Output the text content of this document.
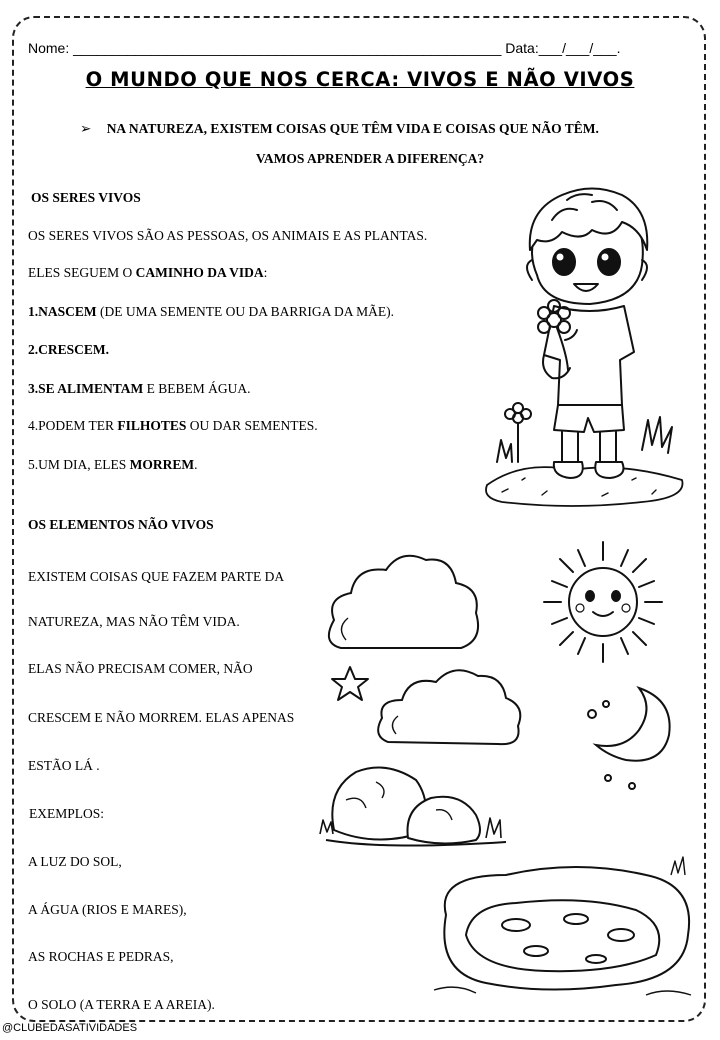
Nome: _______________________________________________________ Data:___/___/___.
O MUNDO QUE NOS CERCA: VIVOS E NÃO VIVOS
➢ NA NATUREZA, EXISTEM COISAS QUE TÊM VIDA E COISAS QUE NÃO TÊM.
VAMOS APRENDER A DIFERENÇA?
OS SERES VIVOS
OS SERES VIVOS SÃO AS PESSOAS, OS ANIMAIS E AS PLANTAS.
ELES SEGUEM O CAMINHO DA VIDA:
1.NASCEM (DE UMA SEMENTE OU DA BARRIGA DA MÃE).
2.CRESCEM.
3.SE ALIMENTAM E BEBEM ÁGUA.
4.PODEM TER FILHOTES OU DAR SEMENTES.
5.UM DIA, ELES MORREM.
OS ELEMENTOS NÃO VIVOS
EXISTEM COISAS QUE FAZEM PARTE DA
NATUREZA, MAS NÃO TÊM VIDA.
ELAS NÃO PRECISAM COMER, NÃO
CRESCEM E NÃO MORREM. ELAS APENAS
ESTÃO LÁ .
EXEMPLOS:
A LUZ DO SOL,
A ÁGUA (RIOS E MARES),
AS ROCHAS E PEDRAS,
O SOLO (A TERRA E A AREIA).
@CLUBEDASATIVIDADES
